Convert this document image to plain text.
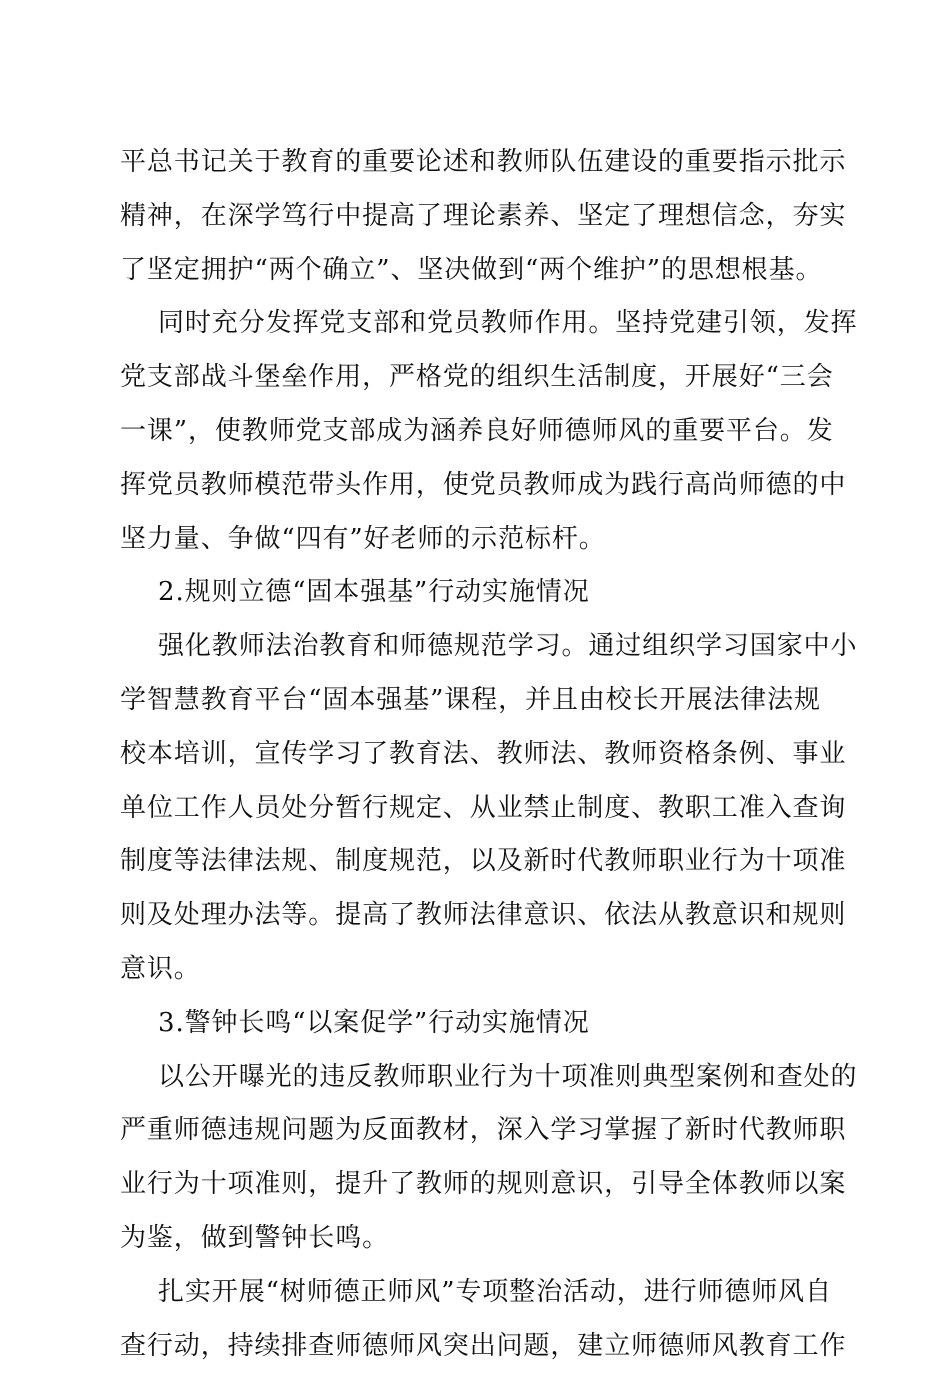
平总书记关于教育的重要论述和教师队伍建设的重要指示批示
精神，在深学笃行中提高了理论素养、坚定了理想信念，夯实
了坚定拥护“两个确立”、坚决做到“两个维护”的思想根基。
同时充分发挥党支部和党员教师作用。坚持党建引领，发挥
党支部战斗堡垒作用，严格党的组织生活制度，开展好“三会
一课”，使教师党支部成为涵养良好师德师风的重要平台。发
挥党员教师模范带头作用，使党员教师成为践行高尚师德的中
坚力量、争做“四有”好老师的示范标杆。
2.规则立德“固本强基”行动实施情况
强化教师法治教育和师德规范学习。通过组织学习国家中小
学智慧教育平台“固本强基”课程，并且由校长开展法律法规
校本培训，宣传学习了教育法、教师法、教师资格条例、事业
单位工作人员处分暂行规定、从业禁止制度、教职工准入查询
制度等法律法规、制度规范，以及新时代教师职业行为十项准
则及处理办法等。提高了教师法律意识、依法从教意识和规则
意识。
3.警钟长鸣“以案促学”行动实施情况
以公开曝光的违反教师职业行为十项准则典型案例和查处的
严重师德违规问题为反面教材，深入学习掌握了新时代教师职
业行为十项准则，提升了教师的规则意识，引导全体教师以案
为鉴，做到警钟长鸣。
扎实开展“树师德正师风”专项整治活动，进行师德师风自
查行动，持续排查师德师风突出问题，建立师德师风教育工作
